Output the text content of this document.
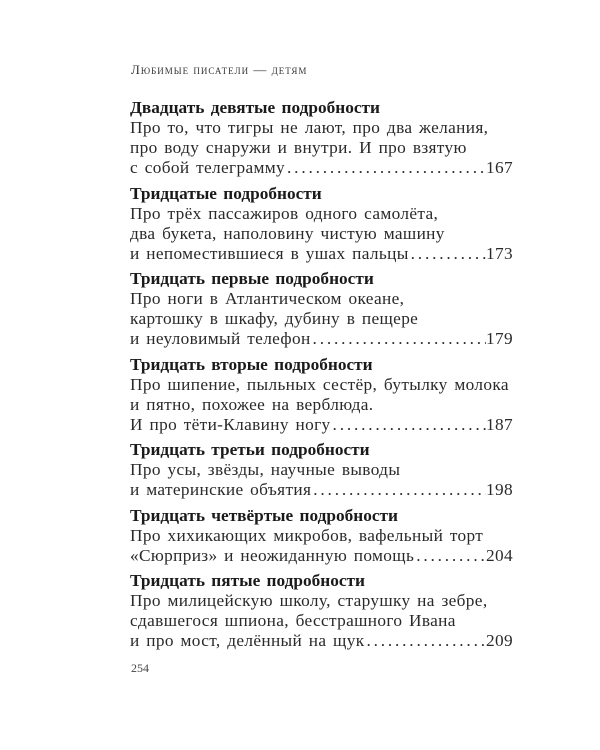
Любимые писатели — детям
Двадцать девятые подробности
Про то, что тигры не лают, про два желания,
про воду снаружи и внутри. И про взятую
с собой телеграмму . . .	167
Тридцатые подробности
Про трёх пассажиров одного самолёта,
два букета, наполовину чистую машину
и непоместившиеся в ушах пальцы . . .	173
Тридцать первые подробности
Про ноги в Атлантическом океане,
картошку в шкафу, дубину в пещере
и неуловимый телефон . . .	179
Тридцать вторые подробности
Про шипение, пыльных сестёр, бутылку молока
и пятно, похожее на верблюда.
И про тёти-Клавину ногу . . .	187
Тридцать третьи подробности
Про усы, звёзды, научные выводы
и материнские объятия . . .	198
Тридцать четвёртые подробности
Про хихикающих микробов, вафельный торт
«Сюрприз» и неожиданную помощь . . .	204
Тридцать пятые подробности
Про милицейскую школу, старушку на зебре,
сдавшегося шпиона, бесстрашного Ивана
и про мост, делённый на щук . . .	209
254
